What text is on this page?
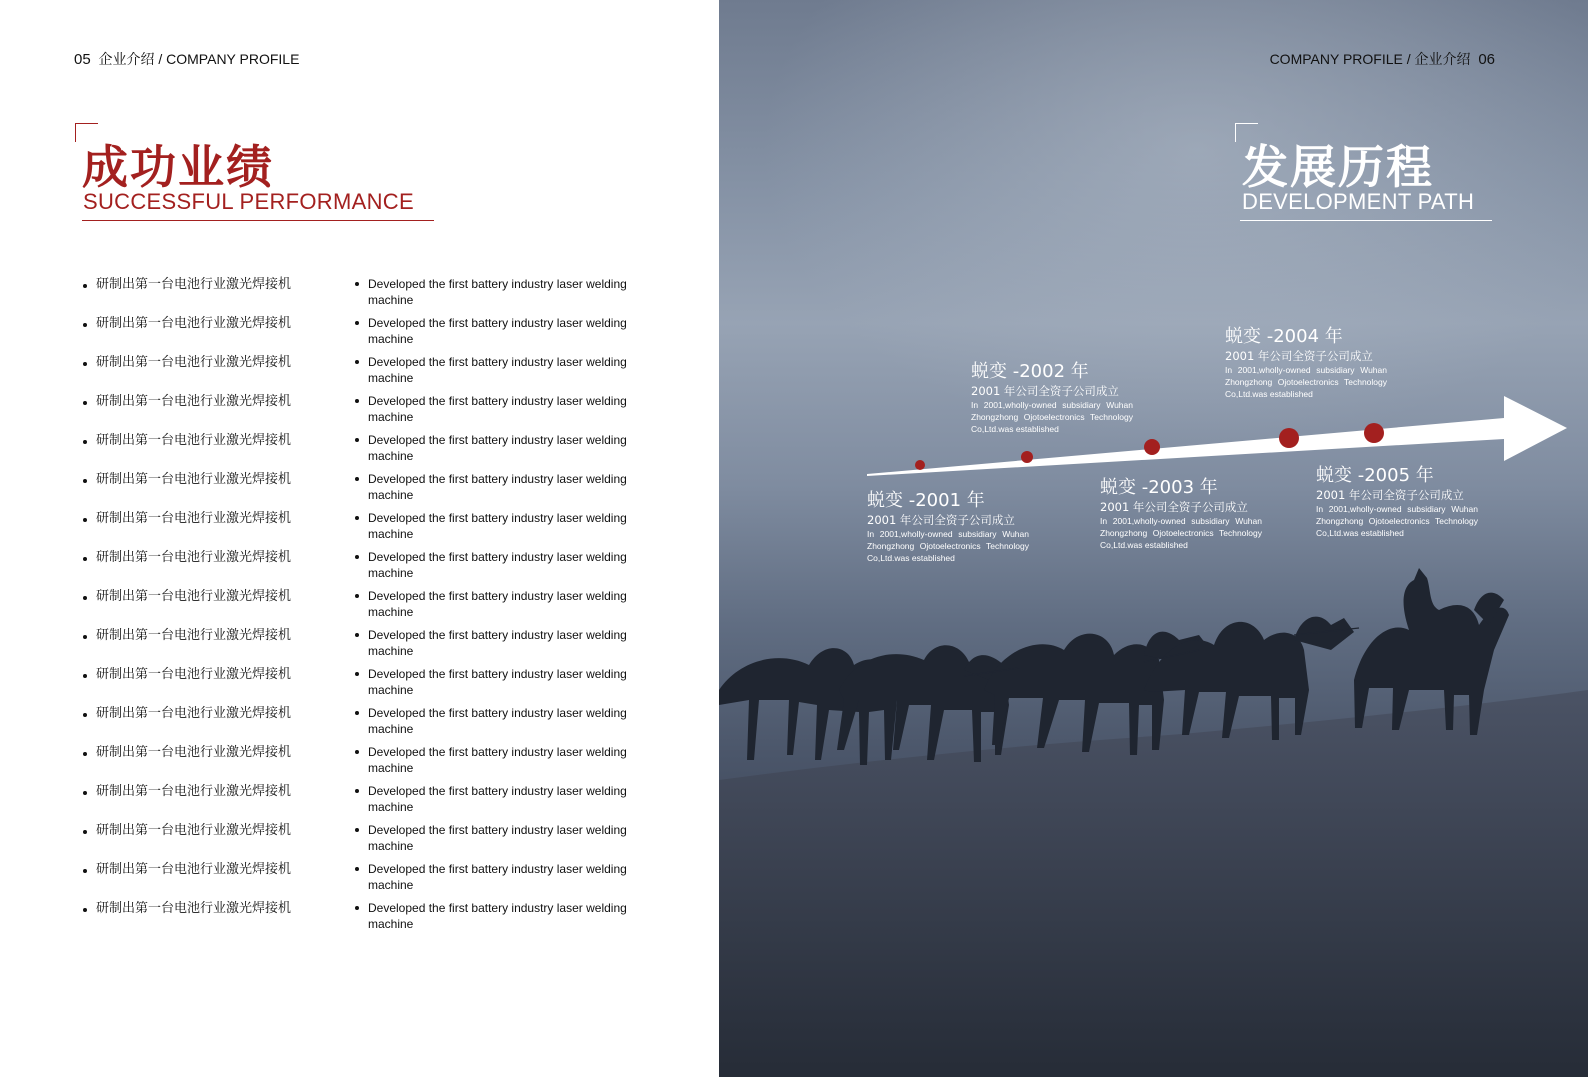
05 企业介绍 / COMPANY PROFILE
成功业绩
SUCCESSFUL PERFORMANCE
研制出第一台电池行业激光焊接机	Developed the first battery industry laser welding machine
研制出第一台电池行业激光焊接机	Developed the first battery industry laser welding machine
研制出第一台电池行业激光焊接机	Developed the first battery industry laser welding machine
研制出第一台电池行业激光焊接机	Developed the first battery industry laser welding machine
研制出第一台电池行业激光焊接机	Developed the first battery industry laser welding machine
研制出第一台电池行业激光焊接机	Developed the first battery industry laser welding machine
研制出第一台电池行业激光焊接机	Developed the first battery industry laser welding machine
研制出第一台电池行业激光焊接机	Developed the first battery industry laser welding machine
研制出第一台电池行业激光焊接机	Developed the first battery industry laser welding machine
研制出第一台电池行业激光焊接机	Developed the first battery industry laser welding machine
研制出第一台电池行业激光焊接机	Developed the first battery industry laser welding machine
研制出第一台电池行业激光焊接机	Developed the first battery industry laser welding machine
研制出第一台电池行业激光焊接机	Developed the first battery industry laser welding machine
研制出第一台电池行业激光焊接机	Developed the first battery industry laser welding machine
研制出第一台电池行业激光焊接机	Developed the first battery industry laser welding machine
研制出第一台电池行业激光焊接机	Developed the first battery industry laser welding machine
研制出第一台电池行业激光焊接机	Developed the first battery industry laser welding machine
COMPANY PROFILE / 企业介绍 06
发展历程
DEVELOPMENT PATH
蜕变 -2001 年
2001 年公司全资子公司成立
In 2001,wholly-owned subsidiary Wuhan Zhongzhong Ojotoelectronics Technology Co,Ltd.was established
蜕变 -2002 年
2001 年公司全资子公司成立
In 2001,wholly-owned subsidiary Wuhan Zhongzhong Ojotoelectronics Technology Co,Ltd.was established
蜕变 -2003 年
2001 年公司全资子公司成立
In 2001,wholly-owned subsidiary Wuhan Zhongzhong Ojotoelectronics Technology Co,Ltd.was established
蜕变 -2004 年
2001 年公司全资子公司成立
In 2001,wholly-owned subsidiary Wuhan Zhongzhong Ojotoelectronics Technology Co,Ltd.was established
蜕变 -2005 年
2001 年公司全资子公司成立
In 2001,wholly-owned subsidiary Wuhan Zhongzhong Ojotoelectronics Technology Co,Ltd.was established
